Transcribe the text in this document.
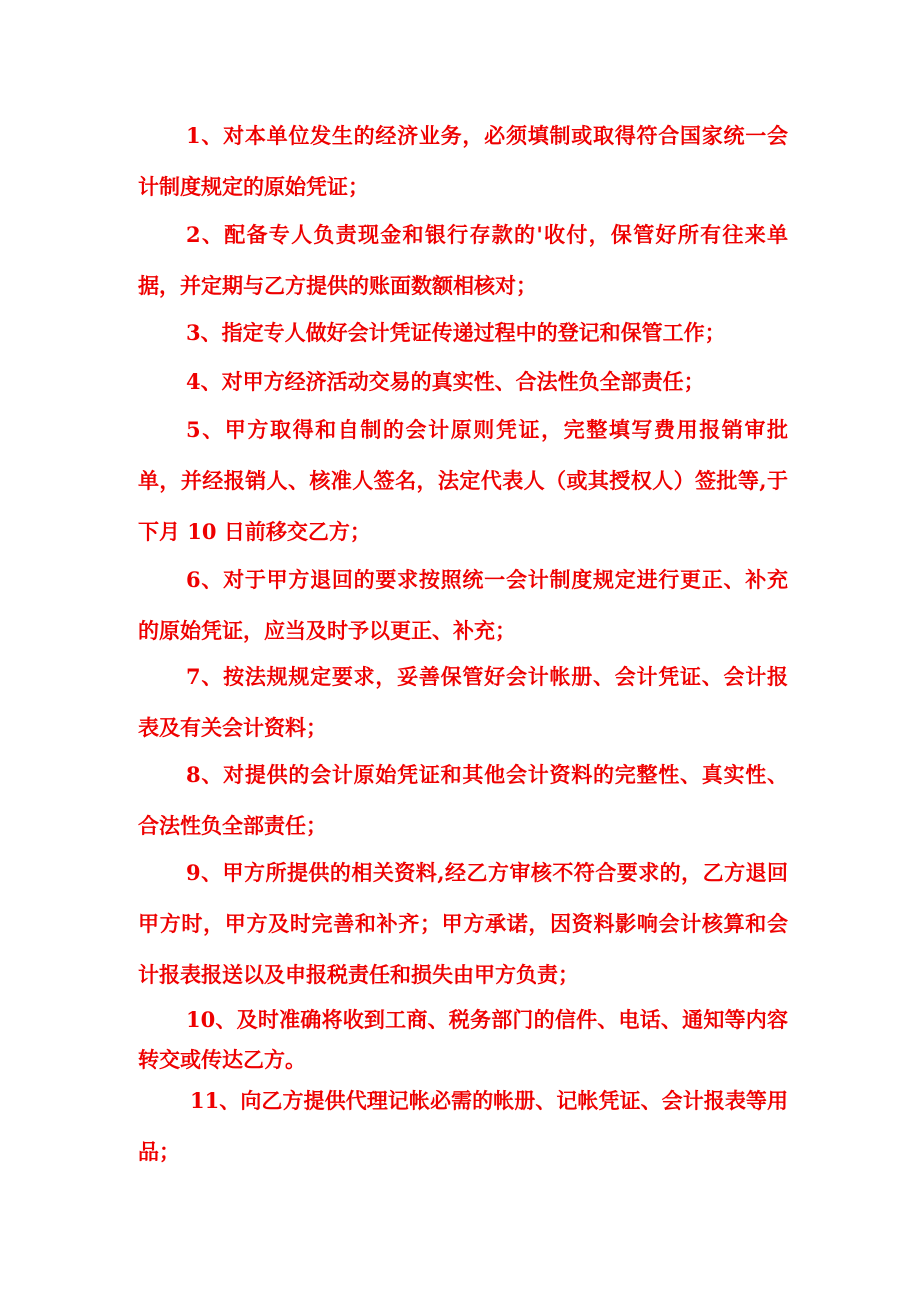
1、对本单位发生的经济业务，必须填制或取得符合国家统一会计制度规定的原始凭证；

2、配备专人负责现金和银行存款的'收付，保管好所有往来单据，并定期与乙方提供的账面数额相核对；

3、指定专人做好会计凭证传递过程中的登记和保管工作；

4、对甲方经济活动交易的真实性、合法性负全部责任；

5、甲方取得和自制的会计原则凭证，完整填写费用报销审批单，并经报销人、核准人签名，法定代表人（或其授权人）签批等,于下月 10 日前移交乙方；

6、对于甲方退回的要求按照统一会计制度规定进行更正、补充的原始凭证，应当及时予以更正、补充；

7、按法规规定要求，妥善保管好会计帐册、会计凭证、会计报表及有关会计资料；

8、对提供的会计原始凭证和其他会计资料的完整性、真实性、合法性负全部责任；

9、甲方所提供的相关资料,经乙方审核不符合要求的，乙方退回甲方时，甲方及时完善和补齐；甲方承诺，因资料影响会计核算和会计报表报送以及申报税责任和损失由甲方负责；

10、及时准确将收到工商、税务部门的信件、电话、通知等内容转交或传达乙方。

11、向乙方提供代理记帐必需的帐册、记帐凭证、会计报表等用品；
